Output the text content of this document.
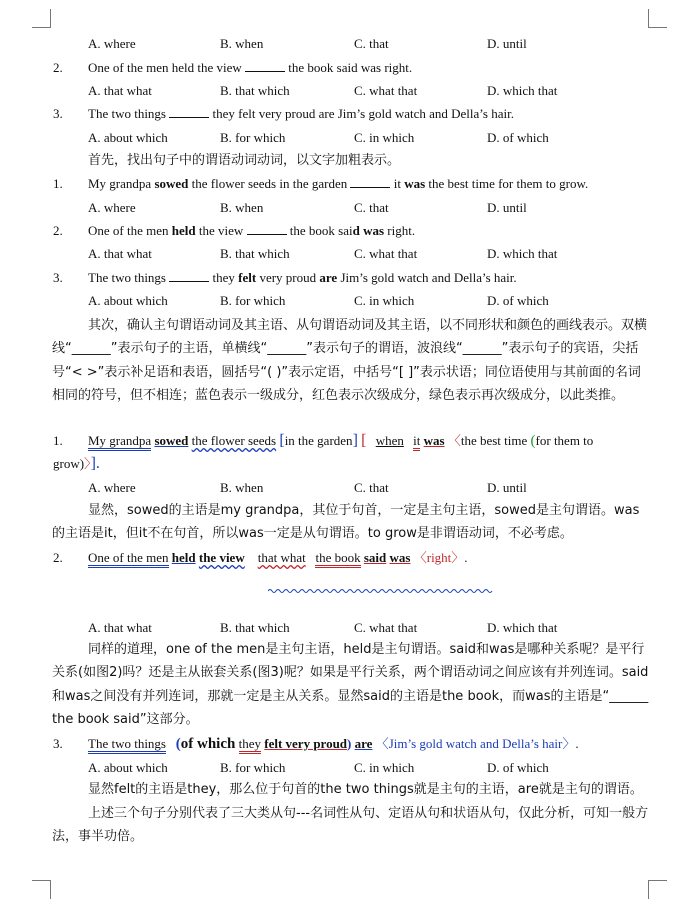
A. where	B. when	C. that	D. until
2. One of the men held the view	the book said was right.
A. that what	B. that which	C. what that	D. which that
3. The two things	they felt very proud are Jim’s gold watch and Della’s hair.
A. about which	B. for which	C. in which	D. of which
首先，找出句子中的谓语动词动词，以文字加粗表示。
1. My grandpa sowed the flower seeds in the garden	it was the best time for them to grow.
A. where	B. when	C. that	D. until
2. One of the men held the view	the book said was right.
A. that what	B. that which	C. what that	D. which that
3. The two things	they felt very proud are Jim’s gold watch and Della’s hair.
A. about which	B. for which	C. in which	D. of which
其次，确认主句谓语动词及其主语、从句谓语动词及其主语，以不同形状和颜色的画线表示。双横线“______”表示句子的主语，单横线“______”表示句子的谓语，波浪线“______”表示句子的宾语，尖括号“< >”表示补足语和表语，圆括号“( )”表示定语，中括号“[ ]”表示状语；同位语使用与其前面的名词相同的符号，但不相连；蓝色表示一级成分，红色表示次级成分，绿色表示再次级成分，以此类推。
1. My grandpa sowed the flower seeds [in the garden] [ when it was 〈the best time (for them to
grow)〉].
A. where	B. when	C. that	D. until
显然，sowed的主语是my grandpa，其位于句首，一定是主句主语，sowed是主句谓语。was的主语是it，但it不在句首，所以was一定是从句谓语。to grow是非谓语动词，不必考虑。
2. One of the men held the view that what the book said was 〈right〉.
A. that what	B. that which	C. what that	D. which that
同样的道理，one of the men是主句主语，held是主句谓语。said和was是哪种关系呢？是平行关系(如图2)吗？还是主从嵌套关系(图3)呢？如果是平行关系，两个谓语动词之间应该有并列连词。said和was之间没有并列连词，那就一定是主从关系。显然said的主语是the book，而was的主语是“______ the book said”这部分。
3. The two things (of which they felt very proud) are 〈Jim’s gold watch and Della’s hair〉.
A. about which	B. for which	C. in which	D. of which
显然felt的主语是they，那么位于句首的the two things就是主句的主语，are就是主句的谓语。
上述三个句子分别代表了三大类从句---名词性从句、定语从句和状语从句，仅此分析，可知一般方法，事半功倍。
